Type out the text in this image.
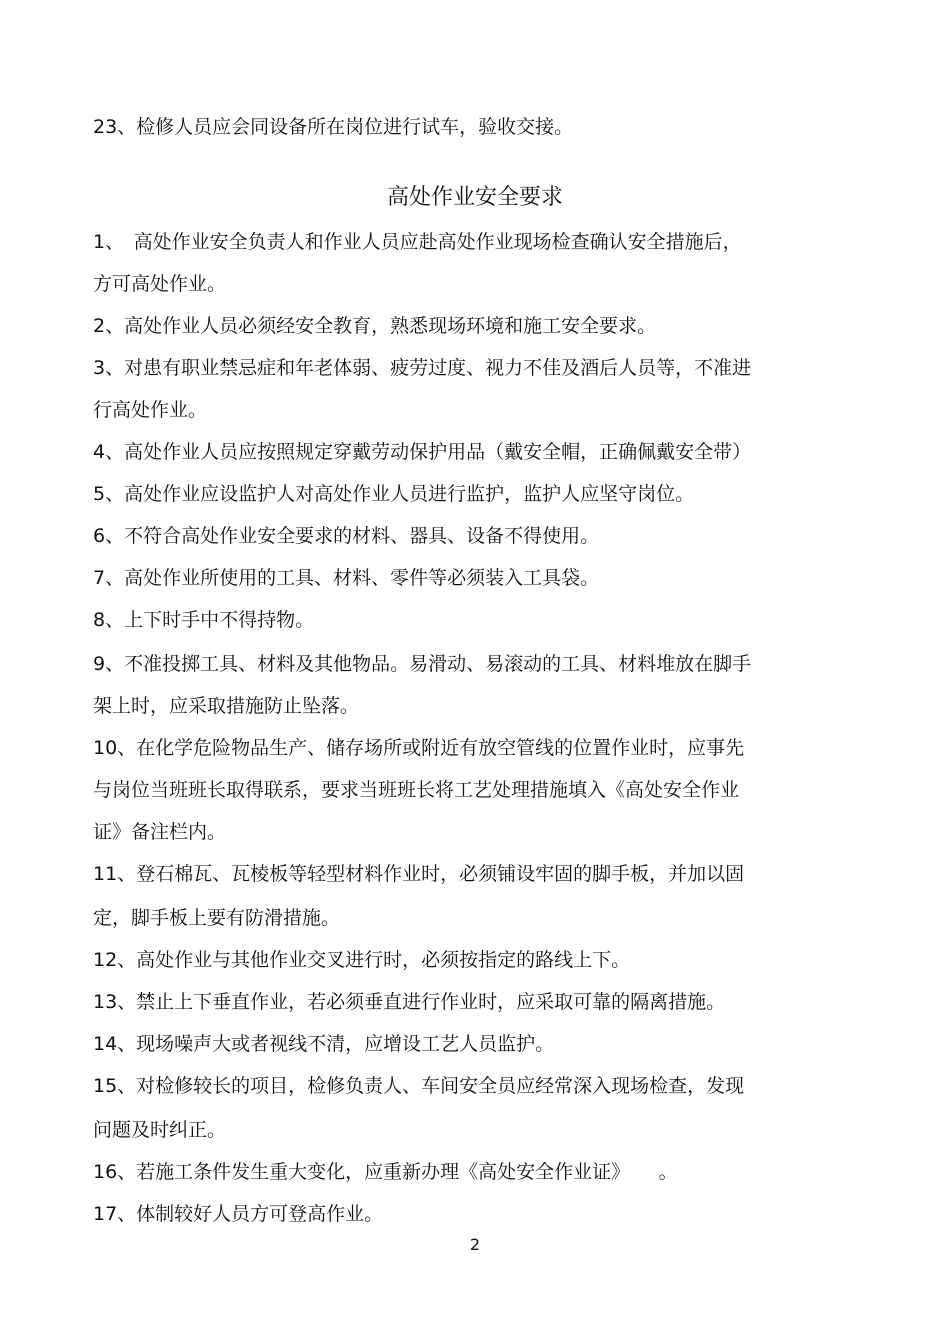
23、检修人员应会同设备所在岗位进行试车，验收交接。
高处作业安全要求
1、　高处作业安全负责人和作业人员应赴高处作业现场检查确认安全措施后，
方可高处作业。
2、高处作业人员必须经安全教育，熟悉现场环境和施工安全要求。
3、对患有职业禁忌症和年老体弱、疲劳过度、视力不佳及酒后人员等，不准进
行高处作业。
4、高处作业人员应按照规定穿戴劳动保护用品（戴安全帽，正确佩戴安全带）
5、高处作业应设监护人对高处作业人员进行监护，监护人应坚守岗位。
6、不符合高处作业安全要求的材料、器具、设备不得使用。
7、高处作业所使用的工具、材料、零件等必须装入工具袋。
8、上下时手中不得持物。
9、不准投掷工具、材料及其他物品。易滑动、易滚动的工具、材料堆放在脚手
架上时，应采取措施防止坠落。
10、在化学危险物品生产、储存场所或附近有放空管线的位置作业时，应事先
与岗位当班班长取得联系，要求当班班长将工艺处理措施填入《高处安全作业
证》备注栏内。
11、登石棉瓦、瓦棱板等轻型材料作业时，必须铺设牢固的脚手板，并加以固
定，脚手板上要有防滑措施。
12、高处作业与其他作业交叉进行时，必须按指定的路线上下。
13、禁止上下垂直作业，若必须垂直进行作业时，应采取可靠的隔离措施。
14、现场噪声大或者视线不清，应增设工艺人员监护。
15、对检修较长的项目，检修负责人、车间安全员应经常深入现场检查，发现
问题及时纠正。
16、若施工条件发生重大变化，应重新办理《高处安全作业证》　　。
17、体制较好人员方可登高作业。
2
